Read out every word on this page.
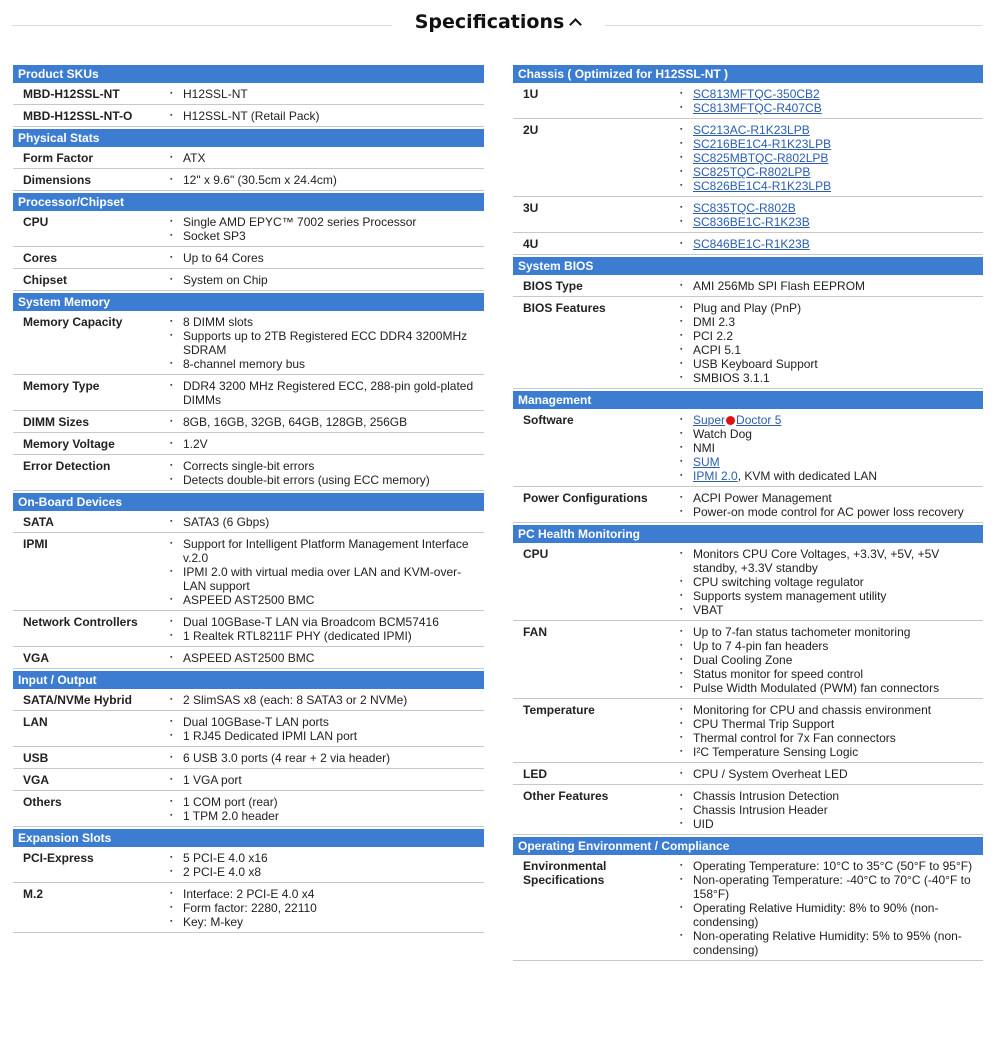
Specifications
Product SKUs
MBD-H12SSL-NT	▪ H12SSL-NT
MBD-H12SSL-NT-O	▪ H12SSL-NT (Retail Pack)
Physical Stats
Form Factor	▪ ATX
Dimensions	▪ 12" x 9.6" (30.5cm x 24.4cm)
Processor/Chipset
CPU	▪ Single AMD EPYC™ 7002 series Processor
▪ Socket SP3
Cores	▪ Up to 64 Cores
Chipset	▪ System on Chip
System Memory
Memory Capacity	▪ 8 DIMM slots
▪ Supports up to 2TB Registered ECC DDR4 3200MHz SDRAM
▪ 8-channel memory bus
Memory Type	▪ DDR4 3200 MHz Registered ECC, 288-pin gold-plated DIMMs
DIMM Sizes	▪ 8GB, 16GB, 32GB, 64GB, 128GB, 256GB
Memory Voltage	▪ 1.2V
Error Detection	▪ Corrects single-bit errors
▪ Detects double-bit errors (using ECC memory)
On-Board Devices
SATA	▪ SATA3 (6 Gbps)
IPMI	▪ Support for Intelligent Platform Management Interface v.2.0
▪ IPMI 2.0 with virtual media over LAN and KVM-over-LAN support
▪ ASPEED AST2500 BMC
Network Controllers	▪ Dual 10GBase-T LAN via Broadcom BCM57416
▪ 1 Realtek RTL8211F PHY (dedicated IPMI)
VGA	▪ ASPEED AST2500 BMC
Input / Output
SATA/NVMe Hybrid	▪ 2 SlimSAS x8 (each: 8 SATA3 or 2 NVMe)
LAN	▪ Dual 10GBase-T LAN ports
▪ 1 RJ45 Dedicated IPMI LAN port
USB	▪ 6 USB 3.0 ports (4 rear + 2 via header)
VGA	▪ 1 VGA port
Others	▪ 1 COM port (rear)
▪ 1 TPM 2.0 header
Expansion Slots
PCI-Express	▪ 5 PCI-E 4.0 x16
▪ 2 PCI-E 4.0 x8
M.2	▪ Interface: 2 PCI-E 4.0 x4
▪ Form factor: 2280, 22110
▪ Key: M-key
Chassis ( Optimized for H12SSL-NT )
1U	▪ SC813MFTQC-350CB2
▪ SC813MFTQC-R407CB
2U	▪ SC213AC-R1K23LPB
▪ SC216BE1C4-R1K23LPB
▪ SC825MBTQC-R802LPB
▪ SC825TQC-R802LPB
▪ SC826BE1C4-R1K23LPB
3U	▪ SC835TQC-R802B
▪ SC836BE1C-R1K23B
4U	▪ SC846BE1C-R1K23B
System BIOS
BIOS Type	▪ AMI 256Mb SPI Flash EEPROM
BIOS Features	▪ Plug and Play (PnP)
▪ DMI 2.3
▪ PCI 2.2
▪ ACPI 5.1
▪ USB Keyboard Support
▪ SMBIOS 3.1.1
Management
Software	▪ Super Doctor 5
▪ Watch Dog
▪ NMI
▪ SUM
▪ IPMI 2.0, KVM with dedicated LAN
Power Configurations	▪ ACPI Power Management
▪ Power-on mode control for AC power loss recovery
PC Health Monitoring
CPU	▪ Monitors CPU Core Voltages, +3.3V, +5V, +5V standby, +3.3V standby
▪ CPU switching voltage regulator
▪ Supports system management utility
▪ VBAT
FAN	▪ Up to 7-fan status tachometer monitoring
▪ Up to 7 4-pin fan headers
▪ Dual Cooling Zone
▪ Status monitor for speed control
▪ Pulse Width Modulated (PWM) fan connectors
Temperature	▪ Monitoring for CPU and chassis environment
▪ CPU Thermal Trip Support
▪ Thermal control for 7x Fan connectors
▪ I²C Temperature Sensing Logic
LED	▪ CPU / System Overheat LED
Other Features	▪ Chassis Intrusion Detection
▪ Chassis Intrusion Header
▪ UID
Operating Environment / Compliance
Environmental Specifications
▪ Operating Temperature: 10°C to 35°C (50°F to 95°F)
▪ Non-operating Temperature: -40°C to 70°C (-40°F to 158°F)
▪ Operating Relative Humidity: 8% to 90% (non-condensing)
▪ Non-operating Relative Humidity: 5% to 95% (non-condensing)
